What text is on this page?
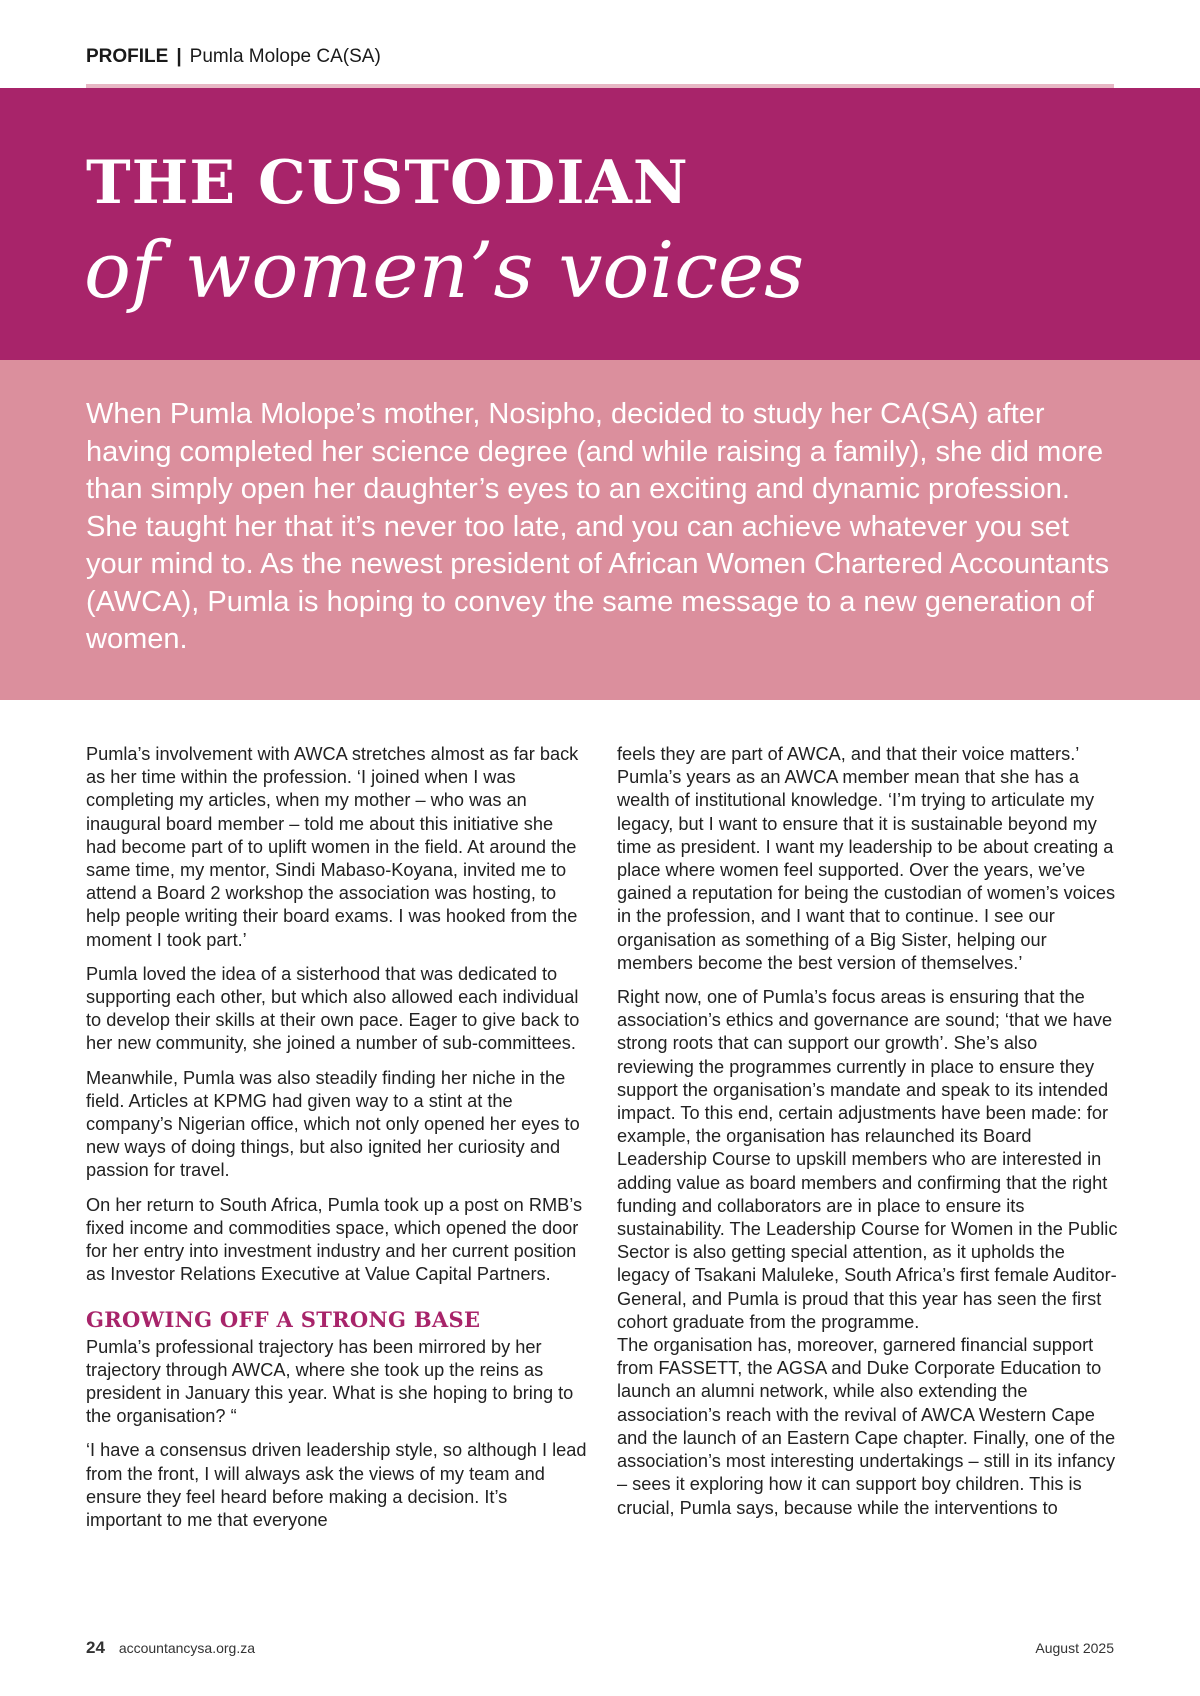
PROFILE | Pumla Molope CA(SA)
THE CUSTODIAN
of women’s voices

When Pumla Molope’s mother, Nosipho, decided to study her CA(SA) after having completed her science degree (and while raising a family), she did more than simply open her daughter’s eyes to an exciting and dynamic profession. She taught her that it’s never too late, and you can achieve whatever you set your mind to. As the newest president of African Women Chartered Accountants (AWCA), Pumla is hoping to convey the same message to a new generation of women.

Pumla’s involvement with AWCA stretches almost as far back as her time within the profession. ‘I joined when I was completing my articles, when my mother – who was an inaugural board member – told me about this initiative she had become part of to uplift women in the field. At around the same time, my mentor, Sindi Mabaso-Koyana, invited me to attend a Board 2 workshop the association was hosting, to help people writing their board exams. I was hooked from the moment I took part.’

Pumla loved the idea of a sisterhood that was dedicated to supporting each other, but which also allowed each individual to develop their skills at their own pace. Eager to give back to her new community, she joined a number of sub-committees.

Meanwhile, Pumla was also steadily finding her niche in the field. Articles at KPMG had given way to a stint at the company’s Nigerian office, which not only opened her eyes to new ways of doing things, but also ignited her curiosity and passion for travel.

On her return to South Africa, Pumla took up a post on RMB’s fixed income and commodities space, which opened the door for her entry into investment industry and her current position as Investor Relations Executive at Value Capital Partners.

GROWING OFF A STRONG BASE

Pumla’s professional trajectory has been mirrored by her trajectory through AWCA, where she took up the reins as president in January this year. What is she hoping to bring to the organisation? “

‘I have a consensus driven leadership style, so although I lead from the front, I will always ask the views of my team and ensure they feel heard before making a decision. It’s important to me that everyone

feels they are part of AWCA, and that their voice matters.’ Pumla’s years as an AWCA member mean that she has a wealth of institutional knowledge. ‘I’m trying to articulate my legacy, but I want to ensure that it is sustainable beyond my time as president. I want my leadership to be about creating a place where women feel supported. Over the years, we’ve gained a reputation for being the custodian of women’s voices in the profession, and I want that to continue. I see our organisation as something of a Big Sister, helping our members become the best version of themselves.’

Right now, one of Pumla’s focus areas is ensuring that the association’s ethics and governance are sound; ‘that we have strong roots that can support our growth’. She’s also reviewing the programmes currently in place to ensure they support the organisation’s mandate and speak to its intended impact. To this end, certain adjustments have been made: for example, the organisation has relaunched its Board Leadership Course to upskill members who are interested in adding value as board members and confirming that the right funding and collaborators are in place to ensure its sustainability. The Leadership Course for Women in the Public Sector is also getting special attention, as it upholds the legacy of Tsakani Maluleke, South Africa’s first female Auditor-General, and Pumla is proud that this year has seen the first cohort graduate from the programme.

The organisation has, moreover, garnered financial support from FASSETT, the AGSA and Duke Corporate Education to launch an alumni network, while also extending the association’s reach with the revival of AWCA Western Cape and the launch of an Eastern Cape chapter. Finally, one of the association’s most interesting undertakings – still in its infancy – sees it exploring how it can support boy children. This is crucial, Pumla says, because while the interventions to

24 accountancysa.org.za	August 2025
